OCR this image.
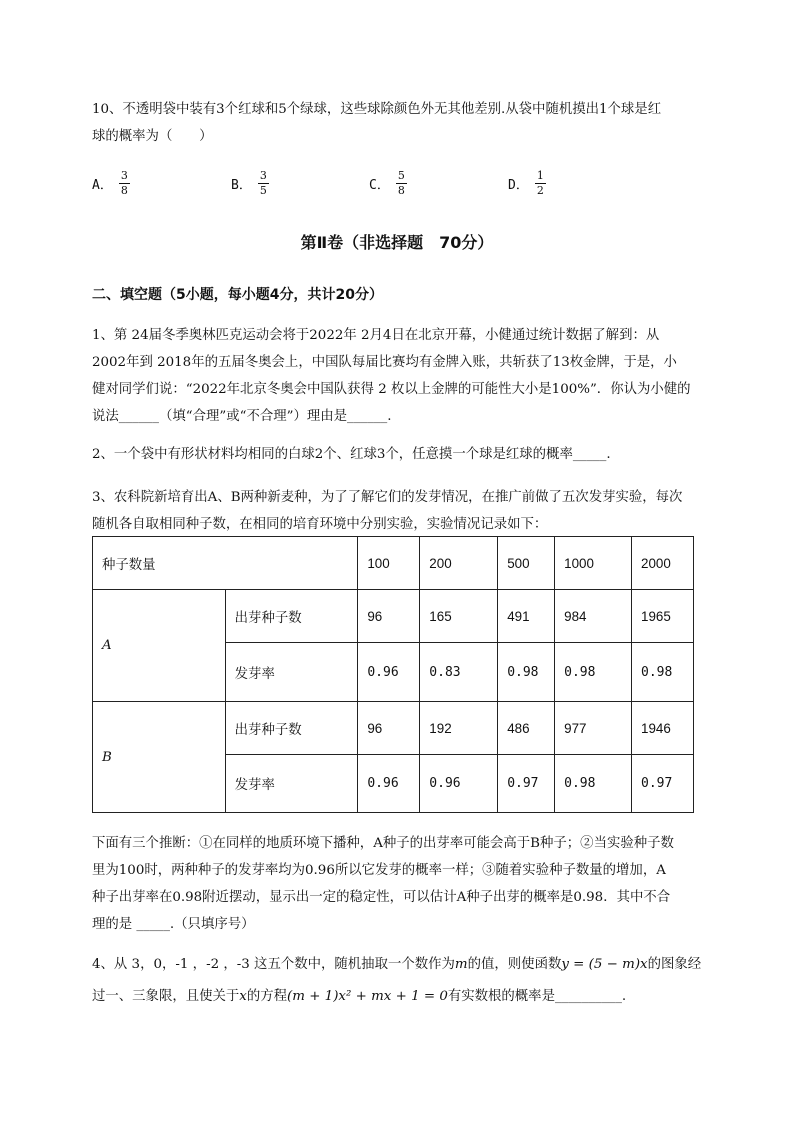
10、不透明袋中装有3个红球和5个绿球，这些球除颜色外无其他差别.从袋中随机摸出1个球是红

球的概率为（　　）

A． $\frac{3}{8}$	B． $\frac{3}{5}$	C． $\frac{5}{8}$	D． $\frac{1}{2}$
第Ⅱ卷（非选择题　70分）
二、填空题（5小题，每小题4分，共计20分）

1、第 24届冬季奥林匹克运动会将于2022年 2月4日在北京开幕，小健通过统计数据了解到：从

2002年到 2018年的五届冬奥会上，中国队每届比赛均有金牌入账，共斩获了13枚金牌，于是，小

健对同学们说：“2022年北京冬奥会中国队获得 2 枚以上金牌的可能性大小是100%”．你认为小健的

说法______（填“合理”或“不合理”）理由是______.

2、一个袋中有形状材料均相同的白球2个、红球3个，任意摸一个球是红球的概率_____.

3、农科院新培育出A、B两种新麦种，为了了解它们的发芽情况，在推广前做了五次发芽实验，每次

随机各自取相同种子数，在相同的培育环境中分别实验，实验情况记录如下：

种子数量		100	200	500	1000	2000
A	出芽种子数	96	165	491	984	1965
	发芽率	0.96	0.83	0.98	0.98	0.98
B	出芽种子数	96	192	486	977	1946
	发芽率	0.96	0.96	0.97	0.98	0.97

下面有三个推断：①在同样的地质环境下播种，A种子的出芽率可能会高于B种子；②当实验种子数

里为100时，两种种子的发芽率均为0.96所以它发芽的概率一样；③随着实验种子数量的增加，A

种子出芽率在0.98附近摆动，显示出一定的稳定性，可以估计A种子出芽的概率是0.98．其中不合

理的是 _____.（只填序号）

4、从 3，0，-1 ，-2 ，-3 这五个数中，随机抽取一个数作为m的值，则使函数y = (5 − m)x的图象经

过一、三象限，且使关于x的方程(m + 1)x² + mx + 1 = 0有实数根的概率是__________.
